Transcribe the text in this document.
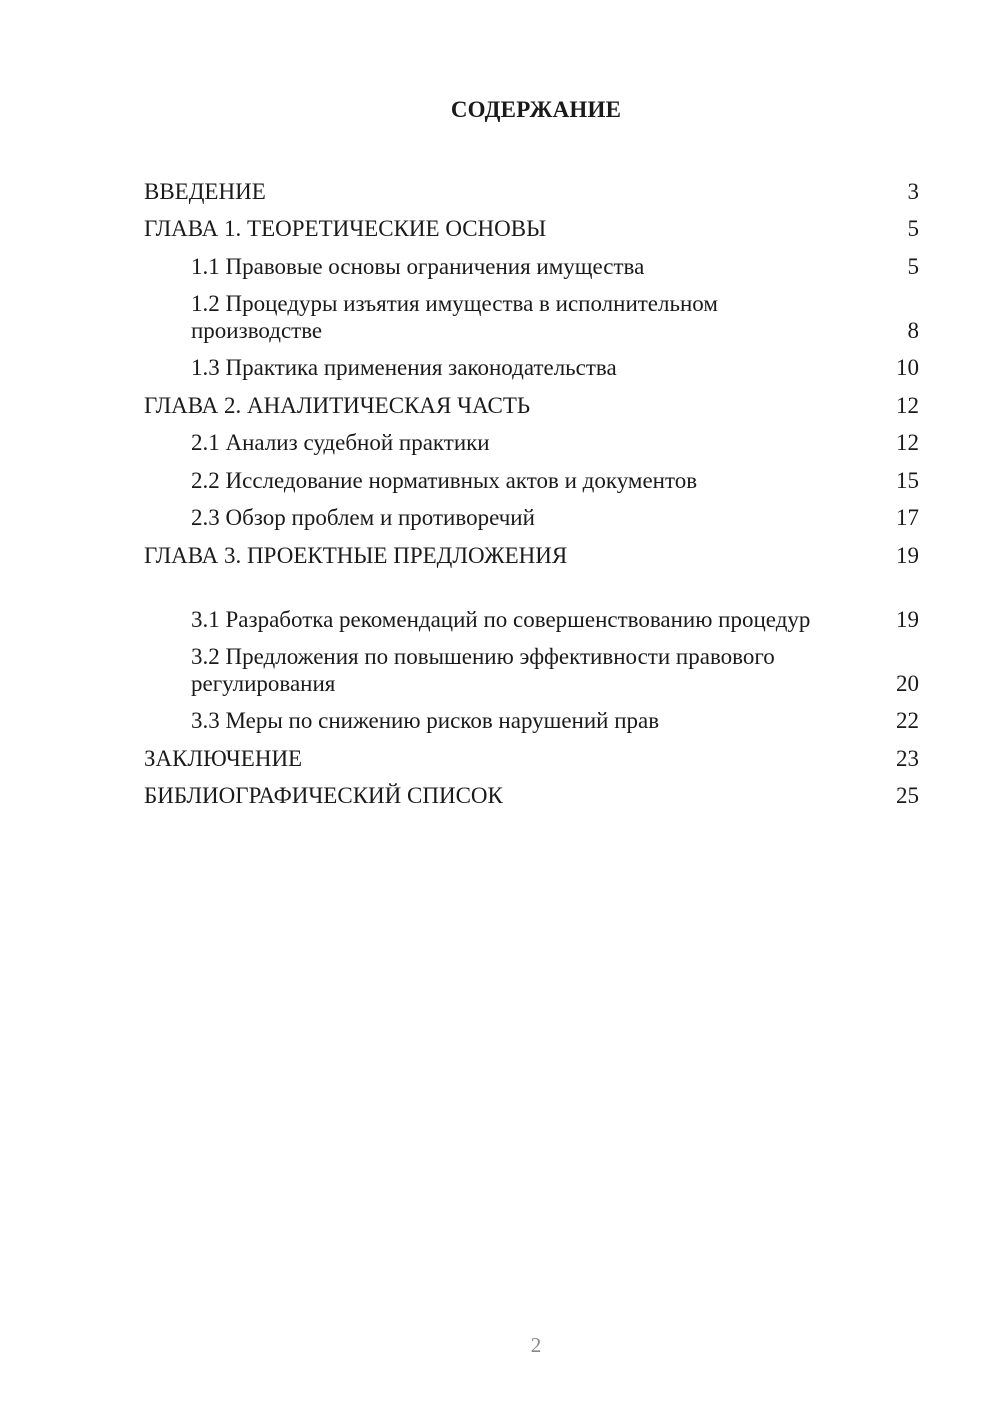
СОДЕРЖАНИЕ
ВВЕДЕНИЕ	3
ГЛАВА 1. ТЕОРЕТИЧЕСКИЕ ОСНОВЫ	5
1.1 Правовые основы ограничения имущества	5
1.2 Процедуры изъятия имущества в исполнительном производстве	8
1.3 Практика применения законодательства	10
ГЛАВА 2. АНАЛИТИЧЕСКАЯ ЧАСТЬ	12
2.1 Анализ судебной практики	12
2.2 Исследование нормативных актов и документов	15
2.3 Обзор проблем и противоречий	17
ГЛАВА 3. ПРОЕКТНЫЕ ПРЕДЛОЖЕНИЯ	19
3.1 Разработка рекомендаций по совершенствованию процедур	19
3.2 Предложения по повышению эффективности правового регулирования	20
3.3 Меры по снижению рисков нарушений прав	22
ЗАКЛЮЧЕНИЕ	23
БИБЛИОГРАФИЧЕСКИЙ СПИСОК	25
2
